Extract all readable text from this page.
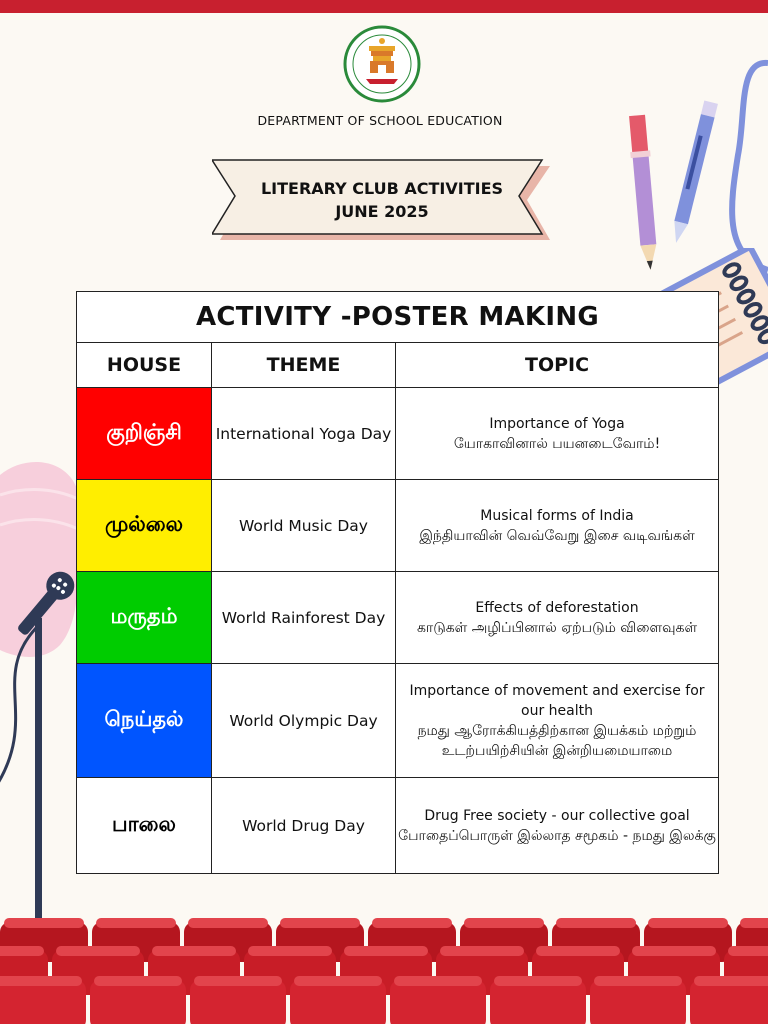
DEPARTMENT OF SCHOOL EDUCATION
LITERARY CLUB ACTIVITIES
JUNE 2025
ACTIVITY -POSTER MAKING		
HOUSE	THEME	TOPIC
குறிஞ்சி	International Yoga Day	Importance of Yoga
யோகாவினால் பயனடைவோம்!

முல்லை	World Music Day	Musical forms of India
இந்தியாவின் வெவ்வேறு இசை வடிவங்கள்

மருதம்	World Rainforest Day	Effects of deforestation
காடுகள் அழிப்பினால் ஏற்படும் விளைவுகள்

நெய்தல்	World Olympic Day	Importance of movement and exercise for our health
நமது ஆரோக்கியத்திற்கான இயக்கம் மற்றும் உடற்பயிற்சியின் இன்றியமையாமை

பாலை	World Drug Day	Drug Free society - our collective goal
போதைப்பொருள் இல்லாத சமூகம் - நமது இலக்கு
